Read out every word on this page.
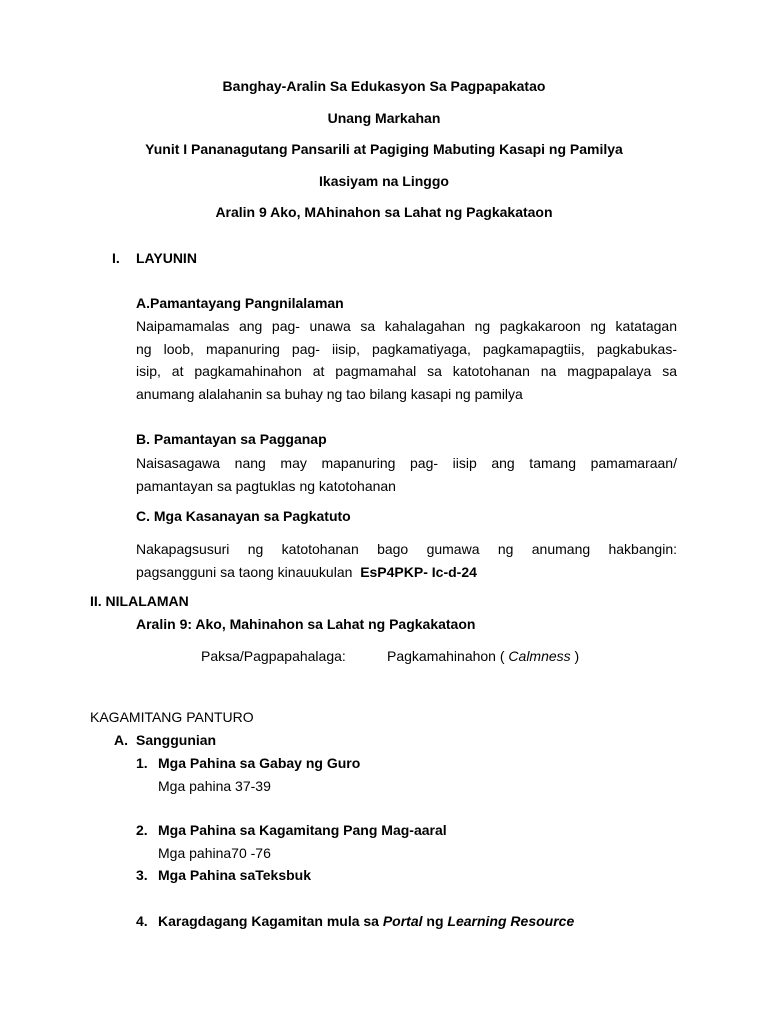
Banghay-Aralin Sa Edukasyon Sa Pagpapakatao
Unang Markahan
Yunit I Pananagutang Pansarili at Pagiging Mabuting Kasapi ng Pamilya
Ikasiyam na Linggo
Aralin 9 Ako, MAhinahon sa Lahat ng Pagkakataon
I. LAYUNIN
A.Pamantayang Pangnilalaman
Naipamamalas ang pag- unawa sa kahalagahan ng pagkakaroon ng katatagan
ng loob, mapanuring pag- iisip, pagkamatiyaga, pagkamapagtiis, pagkabukas-
isip, at pagkamahinahon at pagmamahal sa katotohanan na magpapalaya sa
anumang alalahanin sa buhay ng tao bilang kasapi ng pamilya
B. Pamantayan sa Pagganap
Naisasagawa nang may mapanuring pag- iisip ang tamang pamamaraan/
pamantayan sa pagtuklas ng katotohanan
C. Mga Kasanayan sa Pagkatuto
Nakapagsusuri ng katotohanan bago gumawa ng anumang hakbangin:
pagsangguni sa taong kinauukulan EsP4PKP- Ic-d-24
II. NILALAMAN
Aralin 9: Ako, Mahinahon sa Lahat ng Pagkakataon
Paksa/Pagpapahalaga:	Pagkamahinahon ( Calmness )
KAGAMITANG PANTURO
A. Sanggunian
1. Mga Pahina sa Gabay ng Guro
Mga pahina 37-39
2. Mga Pahina sa Kagamitang Pang Mag-aaral
Mga pahina70 -76
3. Mga Pahina saTeksbuk
4. Karagdagang Kagamitan mula sa Portal ng Learning Resource
